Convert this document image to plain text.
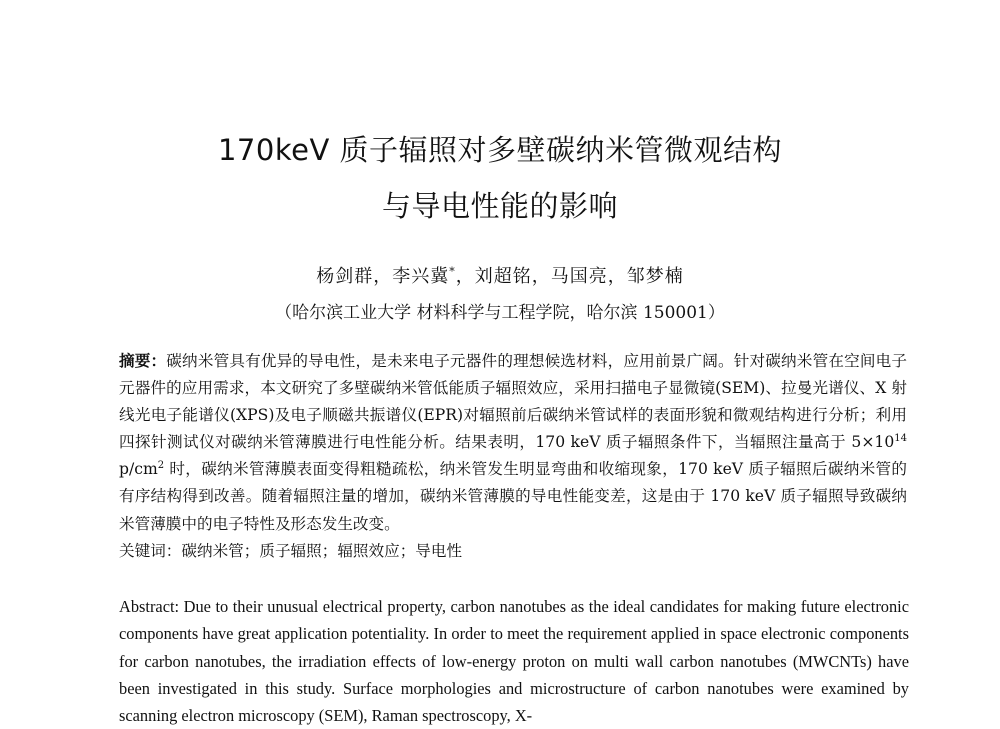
170keV 质子辐照对多壁碳纳米管微观结构
与导电性能的影响
杨剑群，李兴冀*，刘超铭，马国亮，邹梦楠
（哈尔滨工业大学 材料科学与工程学院，哈尔滨 150001）
摘要：碳纳米管具有优异的导电性，是未来电子元器件的理想候选材料，应用前景广阔。针对碳纳米管在空间电子元器件的应用需求，本文研究了多壁碳纳米管低能质子辐照效应，采用扫描电子显微镜(SEM)、拉曼光谱仪、X 射线光电子能谱仪(XPS)及电子顺磁共振谱仪(EPR)对辐照前后碳纳米管试样的表面形貌和微观结构进行分析；利用四探针测试仪对碳纳米管薄膜进行电性能分析。结果表明，170 keV 质子辐照条件下，当辐照注量高于 $5\times 10^{14}$ $p/cm^2$ 时，碳纳米管薄膜表面变得粗糙疏松，纳米管发生明显弯曲和收缩现象，170 keV 质子辐照后碳纳米管的有序结构得到改善。随着辐照注量的增加，碳纳米管薄膜的导电性能变差，这是由于 170 keV 质子辐照导致碳纳米管薄膜中的电子特性及形态发生改变。
关键词：碳纳米管；质子辐照；辐照效应；导电性
Abstract: Due to their unusual electrical property, carbon nanotubes as the ideal candidates for making future electronic components have great application potentiality. In order to meet the requirement applied in space electronic components for carbon nanotubes, the irradiation effects of low-energy proton on multi wall carbon nanotubes (MWCNTs) have been investigated in this study. Surface morphologies and microstructure of carbon nanotubes were examined by scanning electron microscopy (SEM), Raman spectroscopy, X-
